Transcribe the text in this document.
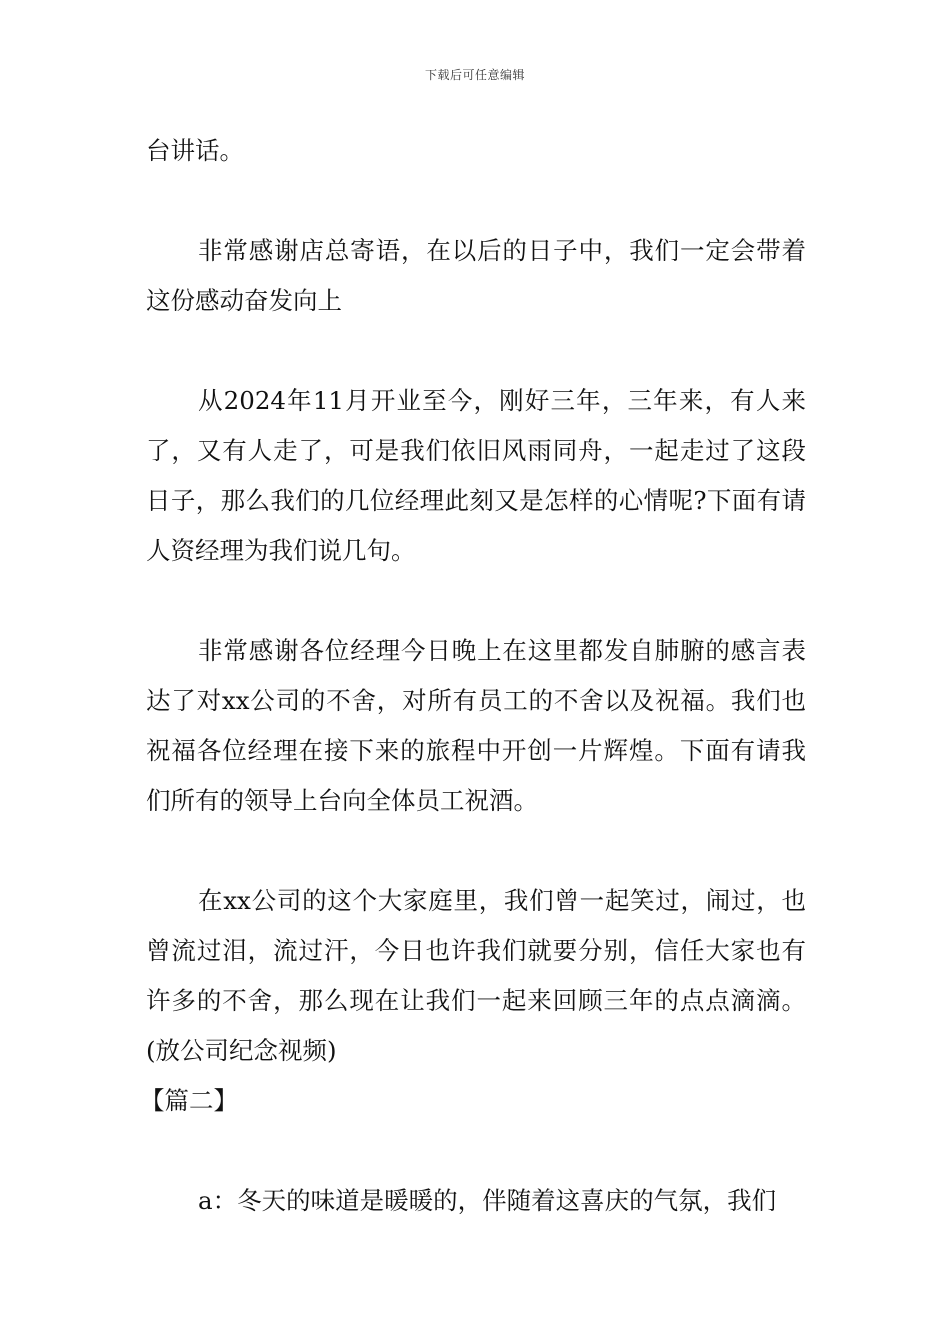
下载后可任意编辑

台讲话。

非常感谢店总寄语，在以后的日子中，我们一定会带着这份感动奋发向上

从2024年11月开业至今，刚好三年，三年来，有人来了，又有人走了，可是我们依旧风雨同舟，一起走过了这段日子，那么我们的几位经理此刻又是怎样的心情呢?下面有请人资经理为我们说几句。

非常感谢各位经理今日晚上在这里都发自肺腑的感言表达了对xx公司的不舍，对所有员工的不舍以及祝福。我们也祝福各位经理在接下来的旅程中开创一片辉煌。下面有请我们所有的领导上台向全体员工祝酒。

在xx公司的这个大家庭里，我们曾一起笑过，闹过，也曾流过泪，流过汗，今日也许我们就要分别，信任大家也有许多的不舍，那么现在让我们一起来回顾三年的点点滴滴。(放公司纪念视频)

【篇二】

a：冬天的味道是暖暖的，伴随着这喜庆的气氛，我们
